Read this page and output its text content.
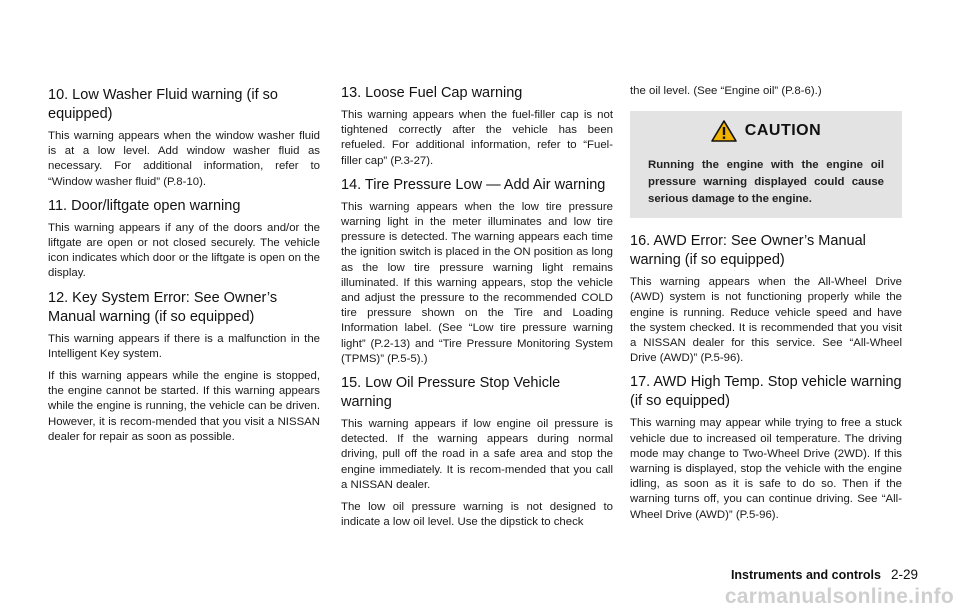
10. Low Washer Fluid warning (if so equipped)

This warning appears when the window washer fluid is at a low level. Add window washer fluid as necessary. For additional information, refer to “Window washer fluid” (P.8-10).

11. Door/liftgate open warning

This warning appears if any of the doors and/or the liftgate are open or not closed securely. The vehicle icon indicates which door or the liftgate is open on the display.

12. Key System Error: See Owner’s Manual warning (if so equipped)

This warning appears if there is a malfunction in the Intelligent Key system.

If this warning appears while the engine is stopped, the engine cannot be started. If this warning appears while the engine is running, the vehicle can be driven. However, it is recom-mended that you visit a NISSAN dealer for repair as soon as possible.

13. Loose Fuel Cap warning

This warning appears when the fuel-filler cap is not tightened correctly after the vehicle has been refueled. For additional information, refer to “Fuel-filler cap” (P.3-27).

14. Tire Pressure Low — Add Air warning

This warning appears when the low tire pressure warning light in the meter illuminates and low tire pressure is detected. The warning appears each time the ignition switch is placed in the ON position as long as the low tire pressure warning light remains illuminated. If this warning appears, stop the vehicle and adjust the pressure to the recommended COLD tire pressure shown on the Tire and Loading Information label. (See “Low tire pressure warning light” (P.2-13) and “Tire Pressure Monitoring System (TPMS)” (P.5-5).)

15. Low Oil Pressure Stop Vehicle warning

This warning appears if low engine oil pressure is detected. If the warning appears during normal driving, pull off the road in a safe area and stop the engine immediately. It is recom-mended that you call a NISSAN dealer.

The low oil pressure warning is not designed to indicate a low oil level. Use the dipstick to check

the oil level. (See “Engine oil” (P.8-6).)

CAUTION
Running the engine with the engine oil pressure warning displayed could cause serious damage to the engine.
16. AWD Error: See Owner’s Manual warning (if so equipped)

This warning appears when the All-Wheel Drive (AWD) system is not functioning properly while the engine is running. Reduce vehicle speed and have the system checked. It is recommended that you visit a NISSAN dealer for this service. See “All-Wheel Drive (AWD)” (P.5-96).

17. AWD High Temp. Stop vehicle warning (if so equipped)

This warning may appear while trying to free a stuck vehicle due to increased oil temperature. The driving mode may change to Two-Wheel Drive (2WD). If this warning is displayed, stop the vehicle with the engine idling, as soon as it is safe to do so. Then if the warning turns off, you can continue driving. See “All-Wheel Drive (AWD)” (P.5-96).

Instruments and controls 2-29
carmanualsonline.info
